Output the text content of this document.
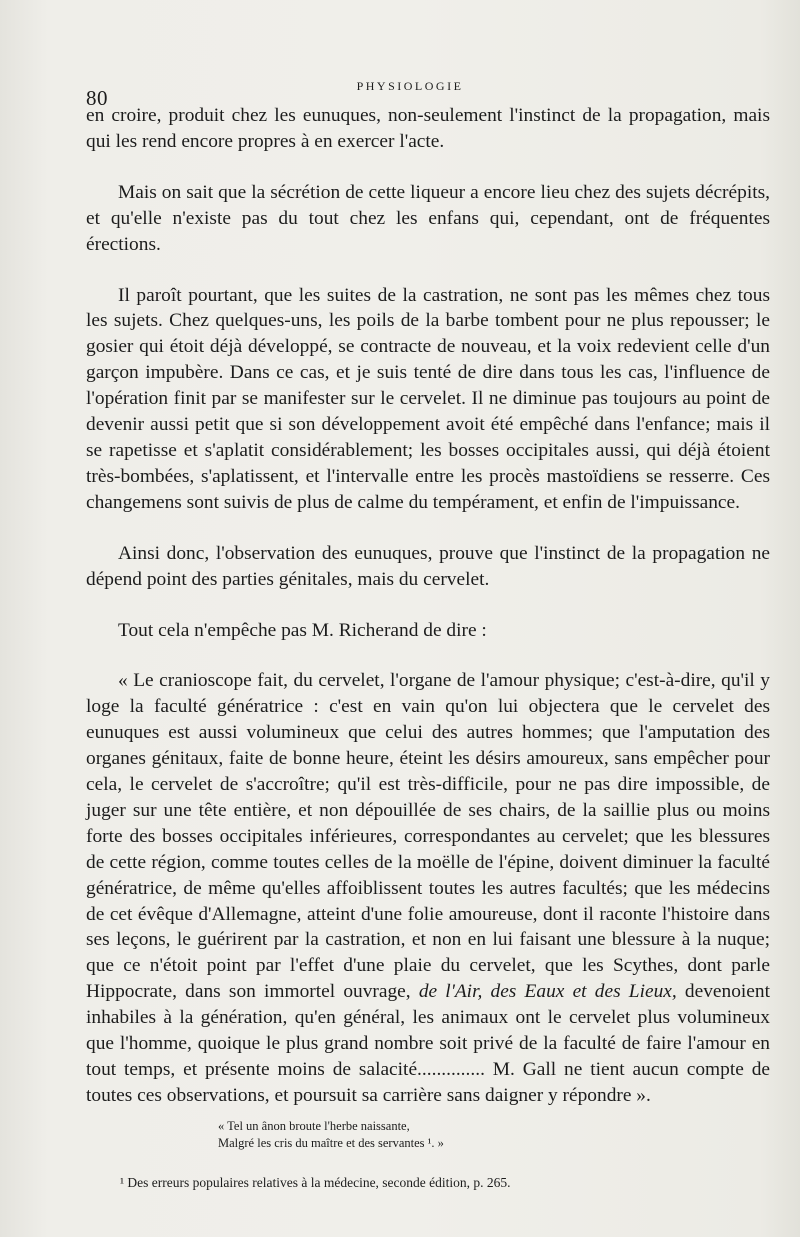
80	PHYSIOLOGIE

en croire, produit chez les eunuques, non-seulement l'instinct de la propagation, mais qui les rend encore propres à en exercer l'acte.

Mais on sait que la sécrétion de cette liqueur a encore lieu chez des sujets décrépits, et qu'elle n'existe pas du tout chez les enfans qui, cependant, ont de fréquentes érections.

Il paroît pourtant, que les suites de la castration, ne sont pas les mêmes chez tous les sujets. Chez quelques-uns, les poils de la barbe tombent pour ne plus repousser; le gosier qui étoit déjà développé, se contracte de nouveau, et la voix redevient celle d'un garçon impubère. Dans ce cas, et je suis tenté de dire dans tous les cas, l'influence de l'opération finit par se manifester sur le cervelet. Il ne diminue pas toujours au point de devenir aussi petit que si son développement avoit été empêché dans l'enfance; mais il se rapetisse et s'aplatit considérablement; les bosses occipitales aussi, qui déjà étoient très-bombées, s'aplatissent, et l'intervalle entre les procès mastoïdiens se resserre. Ces changemens sont suivis de plus de calme du tempérament, et enfin de l'impuissance.

Ainsi donc, l'observation des eunuques, prouve que l'instinct de la propagation ne dépend point des parties génitales, mais du cervelet.

Tout cela n'empêche pas M. Richerand de dire :

« Le cranioscope fait, du cervelet, l'organe de l'amour physique; c'est-à-dire, qu'il y loge la faculté génératrice : c'est en vain qu'on lui objectera que le cervelet des eunuques est aussi volumineux que celui des autres hommes; que l'amputation des organes génitaux, faite de bonne heure, éteint les désirs amoureux, sans empêcher pour cela, le cervelet de s'accroître; qu'il est très-difficile, pour ne pas dire impossible, de juger sur une tête entière, et non dépouillée de ses chairs, de la saillie plus ou moins forte des bosses occipitales inférieures, correspondantes au cervelet; que les blessures de cette région, comme toutes celles de la moëlle de l'épine, doivent diminuer la faculté génératrice, de même qu'elles affoiblissent toutes les autres facultés; que les médecins de cet évêque d'Allemagne, atteint d'une folie amoureuse, dont il raconte l'histoire dans ses leçons, le guérirent par la castration, et non en lui faisant une blessure à la nuque; que ce n'étoit point par l'effet d'une plaie du cervelet, que les Scythes, dont parle Hippocrate, dans son immortel ouvrage, de l'Air, des Eaux et des Lieux, devenoient inhabiles à la génération, qu'en général, les animaux ont le cervelet plus volumineux que l'homme, quoique le plus grand nombre soit privé de la faculté de faire l'amour en tout temps, et présente moins de salacité.............. M. Gall ne tient aucun compte de toutes ces observations, et poursuit sa carrière sans daigner y répondre ».

« Tel un ânon broute l'herbe naissante,
Malgré les cris du maître et des servantes ¹. »
¹ Des erreurs populaires relatives à la médecine, seconde édition, p. 265.
